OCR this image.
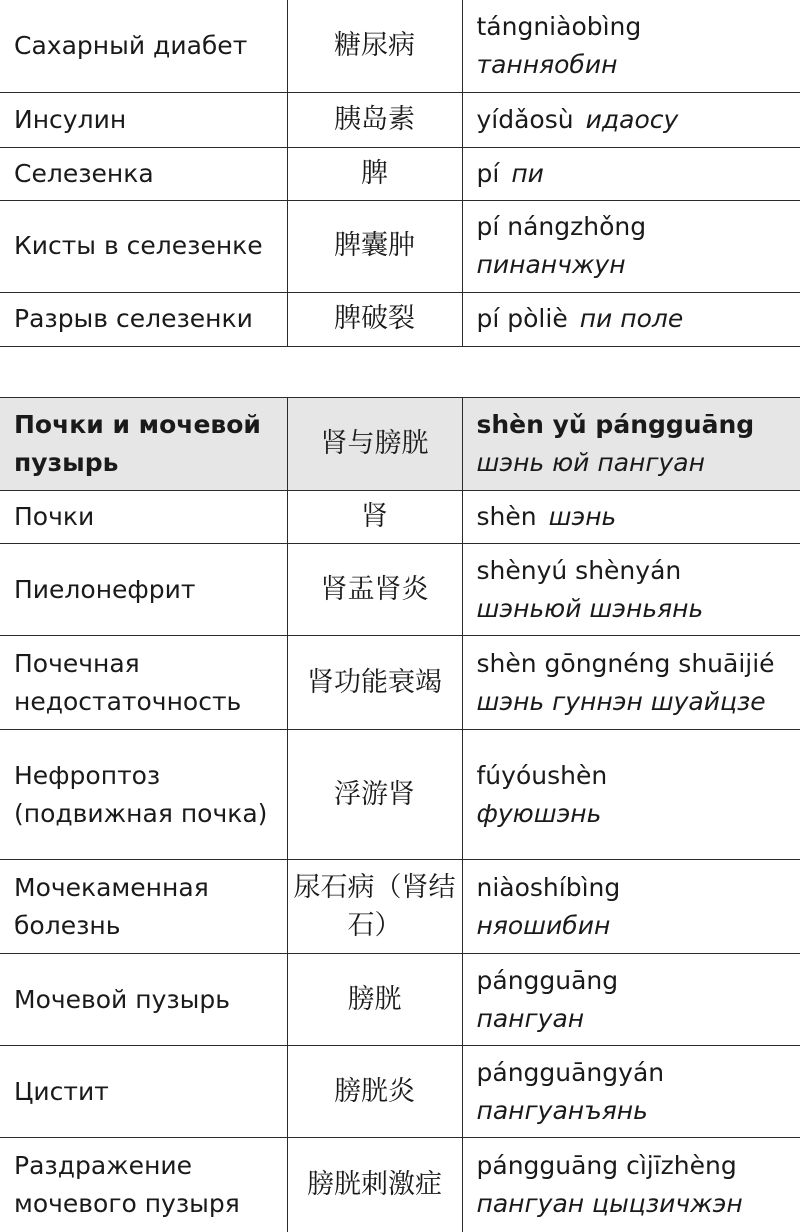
Сахарный диабет	糖尿病	tángniàobìng
танняобин

Инсулин	胰岛素	yídǎosù идаосу
Селезенка	脾	pí пи
Кисты в селезенке	脾囊肿	pí nángzhǒng
пинанчжун

Разрыв селезенки	脾破裂	pí pòliè пи поле
Почки и мочевой пузырь	肾与膀胱	shèn yǔ pángguāng
шэнь юй пангуан

Почки	肾	shèn шэнь
Пиелонефрит	肾盂肾炎	shènyú shènyán
шэньюй шэньянь

Почечная недостаточность	肾功能衰竭	shèn gōngnéng shuāijié
шэнь гуннэн шуайцзе

Нефроптоз (подвижная почка)	浮游肾	fúyóushèn
фуюшэнь

Мочекаменная болезнь	尿石病（肾结石）	niàoshíbìng
няошибин

Мочевой пузырь	膀胱	pángguāng
пангуан

Цистит	膀胱炎	pángguāngyán
пангуанъянь

Раздражение мочевого пузыря	膀胱刺激症	pángguāng cìjīzhèng
пангуан цыцзичжэн
